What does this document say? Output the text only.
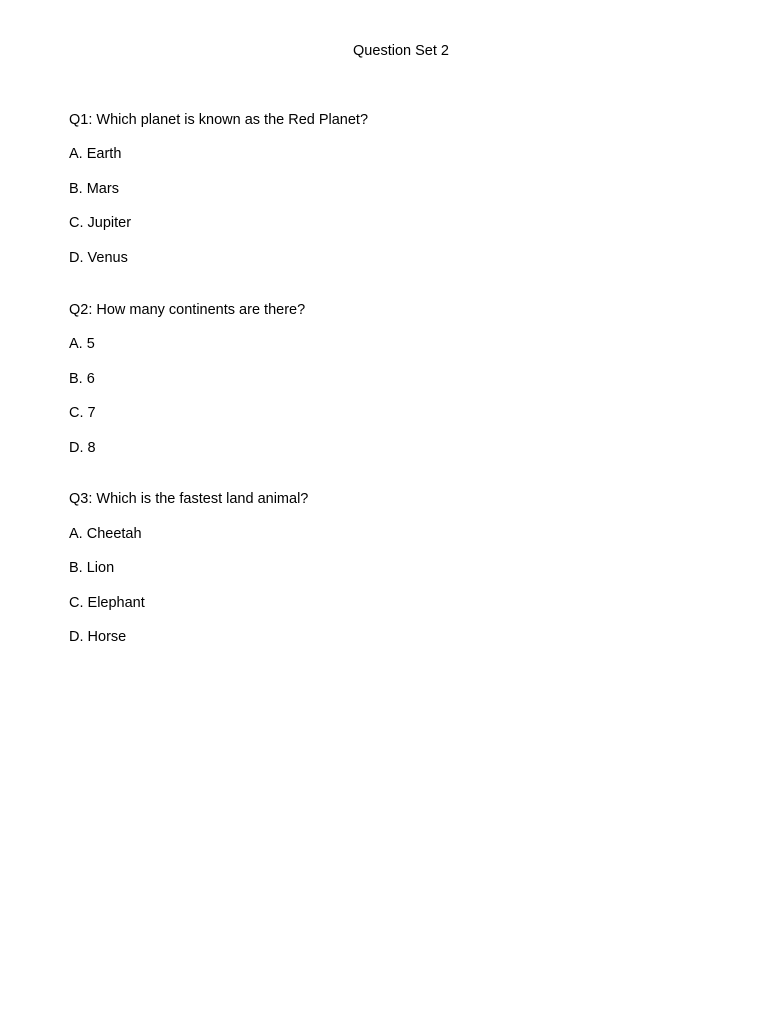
Question Set 2
Q1: Which planet is known as the Red Planet?
A. Earth
B. Mars
C. Jupiter
D. Venus
Q2: How many continents are there?
A. 5
B. 6
C. 7
D. 8
Q3: Which is the fastest land animal?
A. Cheetah
B. Lion
C. Elephant
D. Horse
